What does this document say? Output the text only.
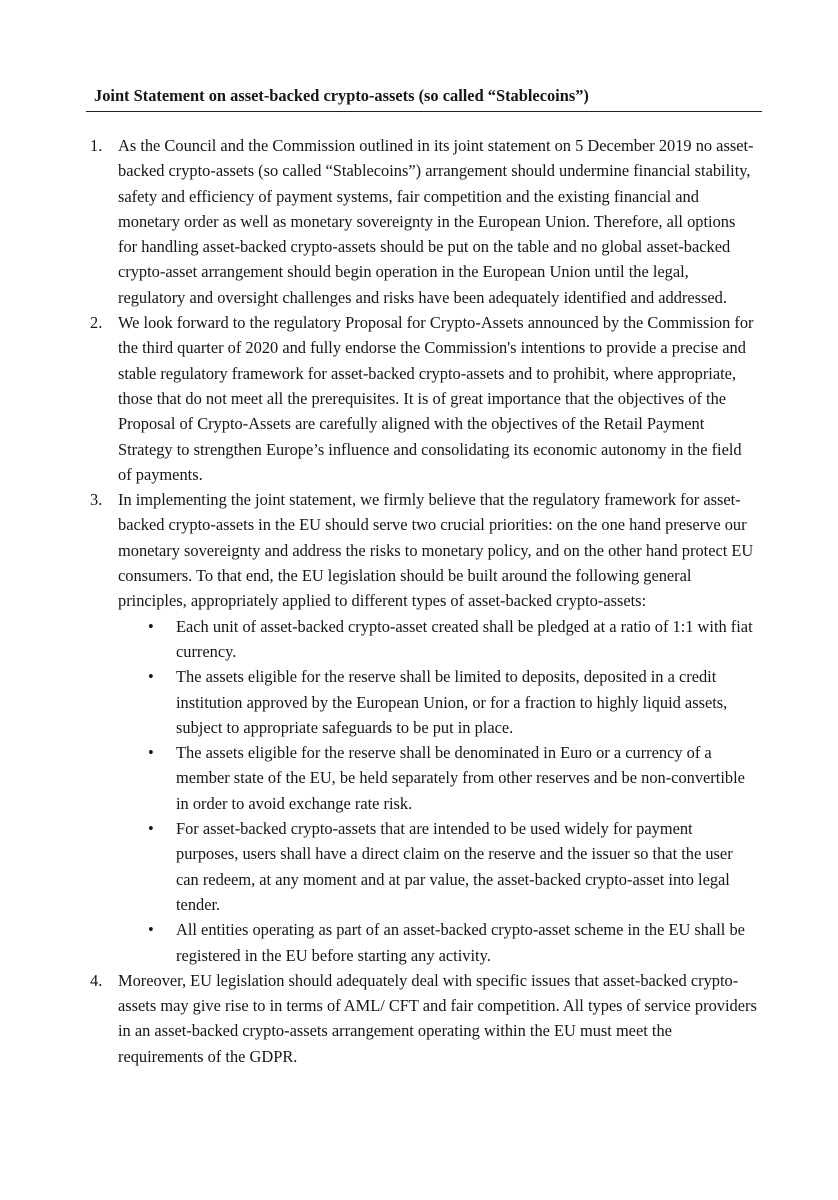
Joint Statement on asset-backed crypto-assets (so called “Stablecoins”)
1. As the Council and the Commission outlined in its joint statement on 5 December 2019 no asset-backed crypto-assets (so called “Stablecoins”) arrangement should undermine financial stability, safety and efficiency of payment systems, fair competition and the existing financial and monetary order as well as monetary sovereignty in the European Union. Therefore, all options for handling asset-backed crypto-assets should be put on the table and no global asset-backed crypto-asset arrangement should begin operation in the European Union until the legal, regulatory and oversight challenges and risks have been adequately identified and addressed.
2. We look forward to the regulatory Proposal for Crypto-Assets announced by the Commission for the third quarter of 2020 and fully endorse the Commission's intentions to provide a precise and stable regulatory framework for asset-backed crypto-assets and to prohibit, where appropriate, those that do not meet all the prerequisites. It is of great importance that the objectives of the Proposal of Crypto-Assets are carefully aligned with the objectives of the Retail Payment Strategy to strengthen Europe’s influence and consolidating its economic autonomy in the field of payments.
3. In implementing the joint statement, we firmly believe that the regulatory framework for asset-backed crypto-assets in the EU should serve two crucial priorities: on the one hand preserve our monetary sovereignty and address the risks to monetary policy, and on the other hand protect EU consumers. To that end, the EU legislation should be built around the following general principles, appropriately applied to different types of asset-backed crypto-assets:
• Each unit of asset-backed crypto-asset created shall be pledged at a ratio of 1:1 with fiat currency.
• The assets eligible for the reserve shall be limited to deposits, deposited in a credit institution approved by the European Union, or for a fraction to highly liquid assets, subject to appropriate safeguards to be put in place.
• The assets eligible for the reserve shall be denominated in Euro or a currency of a member state of the EU, be held separately from other reserves and be non-convertible in order to avoid exchange rate risk.
• For asset-backed crypto-assets that are intended to be used widely for payment purposes, users shall have a direct claim on the reserve and the issuer so that the user can redeem, at any moment and at par value, the asset-backed crypto-asset into legal tender.
• All entities operating as part of an asset-backed crypto-asset scheme in the EU shall be registered in the EU before starting any activity.
4. Moreover, EU legislation should adequately deal with specific issues that asset-backed crypto-assets may give rise to in terms of AML/ CFT and fair competition. All types of service providers in an asset-backed crypto-assets arrangement operating within the EU must meet the requirements of the GDPR.
